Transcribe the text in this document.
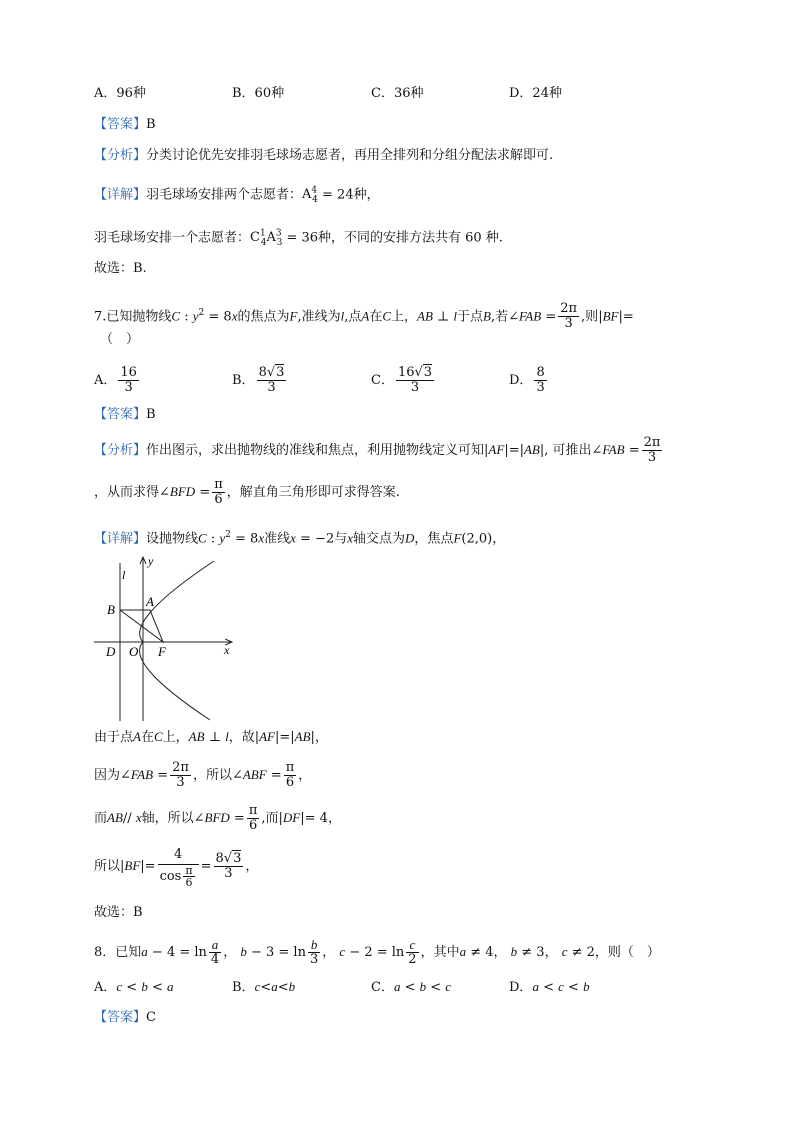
A．96种	B．60种	C．36种	D．24种
【答案】B
【分析】分类讨论优先安排羽毛球场志愿者，再用全排列和分组分配法求解即可.
【详解】羽毛球场安排两个志愿者：$A^4_4 = 24$种，
羽毛球场安排一个志愿者：$C^1_4A^3_3 = 36$种，不同的安排方法共有 60 种.
故选：B.
7.已知抛物线C : $y^2 = 8x$的焦点为F,准线为l,点A在C上，AB ⊥ l于点B,若∠FAB = $\frac{2\pi}{3}$ ,则|BF|=
（　）
A． $\frac{16}{3}$	B． $\frac{8√3}{3}$	C． $\frac{16√3}{3}$	D． $\frac{8}{3}$
【答案】B
【分析】作出图示，求出抛物线的准线和焦点，利用抛物线定义可知|AF|=|AB|, 可推出∠FAB = $\frac{2\pi}{3}$
，从而求得∠BFD = $\frac{\pi}{6}$ ，解直角三角形即可求得答案.
【详解】设抛物线C : $y^2 = 8x$准线x = −2与x轴交点为D，焦点F(2,0)，
y
l
B
A
D O F	x
由于点A在C上，AB ⊥ l，故|AF|=|AB|，
因为∠FAB = $\frac{2\pi}{3}$ ，所以∠ABF = $\frac{\pi}{6}$ ，
而AB// x轴，所以∠BFD = $\frac{\pi}{6}$ ,而|DF|= 4，
所以$|BF|= \frac{4}{\cos \frac{\pi}{6}} = \frac{8√3}{3}$ ，
故选：B
8．已知$a - 4 = \ln \frac{a}{4}$ ， $b - 3 = \ln \frac{b}{3}$ ， $c - 2 = \ln \frac{c}{2}$ ，其中a ≠ 4， b ≠ 3， c ≠ 2，则（　）
A．c < b < a	B．c<a<b	C．a < b < c	D．a < c < b
【答案】C
